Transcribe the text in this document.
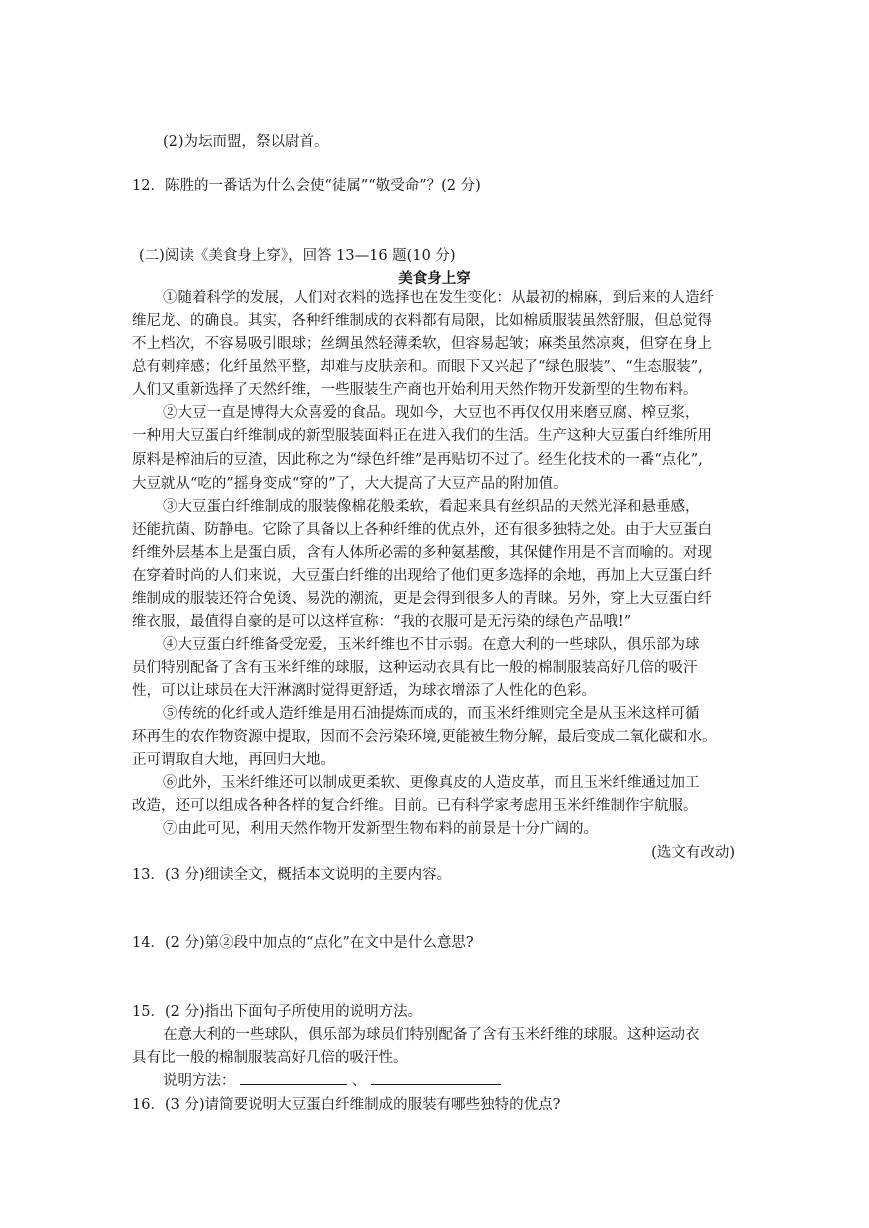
(2)为坛而盟，祭以尉首。
12．陈胜的一番话为什么会使“徒属”“敬受命”？(2 分)
(二)阅读《美食身上穿》，回答 13—16 题(10 分)
美食身上穿
①随着科学的发展，人们对衣料的选择也在发生变化：从最初的棉麻，到后来的人造纤
维尼龙、的确良。其实，各种纤维制成的衣料都有局限，比如棉质服装虽然舒服，但总觉得
不上档次，不容易吸引眼球；丝绸虽然轻薄柔软，但容易起皱；麻类虽然凉爽，但穿在身上
总有刺痒感；化纤虽然平整，却难与皮肤亲和。而眼下又兴起了“绿色服装”、“生态服装”,
人们又重新选择了天然纤维，一些服装生产商也开始利用天然作物开发新型的生物布料。
②大豆一直是博得大众喜爱的食品。现如今，大豆也不再仅仅用来磨豆腐、榨豆浆，
一种用大豆蛋白纤维制成的新型服装面料正在进入我们的生活。生产这种大豆蛋白纤维所用
原料是榨油后的豆渣，因此称之为“绿色纤维”是再贴切不过了。经生化技术的一番“点化”,
大豆就从“吃的”摇身变成“穿的”了，大大提高了大豆产品的附加值。
③大豆蛋白纤维制成的服装像棉花般柔软，看起来具有丝织品的天然光泽和悬垂感，
还能抗菌、防静电。它除了具备以上各种纤维的优点外，还有很多独特之处。由于大豆蛋白
纤维外层基本上是蛋白质，含有人体所必需的多种氨基酸，其保健作用是不言而喻的。对现
在穿着时尚的人们来说，大豆蛋白纤维的出现给了他们更多选择的余地，再加上大豆蛋白纤
维制成的服装还符合免烫、易洗的潮流，更是会得到很多人的青睐。另外，穿上大豆蛋白纤
维衣服，最值得自豪的是可以这样宣称：“我的衣服可是无污染的绿色产品哦!”
④大豆蛋白纤维备受宠爱，玉米纤维也不甘示弱。在意大利的一些球队，俱乐部为球
员们特别配备了含有玉米纤维的球服，这种运动衣具有比一般的棉制服装高好几倍的吸汗
性，可以让球员在大汗淋漓时觉得更舒适，为球衣增添了人性化的色彩。
⑤传统的化纤或人造纤维是用石油提炼而成的，而玉米纤维则完全是从玉米这样可循
环再生的农作物资源中提取，因而不会污染环境,更能被生物分解，最后变成二氧化碳和水。
正可谓取自大地，再回归大地。
⑥此外，玉米纤维还可以制成更柔软、更像真皮的人造皮革，而且玉米纤维通过加工
改造，还可以组成各种各样的复合纤维。目前。已有科学家考虑用玉米纤维制作宇航服。
⑦由此可见，利用天然作物开发新型生物布料的前景是十分广阔的。
(选文有改动)
13．(3 分)细读全文，概括本文说明的主要内容。
14．(2 分)第②段中加点的“点化”在文中是什么意思?
15．(2 分)指出下面句子所使用的说明方法。
在意大利的一些球队，俱乐部为球员们特别配备了含有玉米纤维的球服。这种运动衣
具有比一般的棉制服装高好几倍的吸汗性。
说明方法：	、
16．(3 分)请简要说明大豆蛋白纤维制成的服装有哪些独特的优点?
